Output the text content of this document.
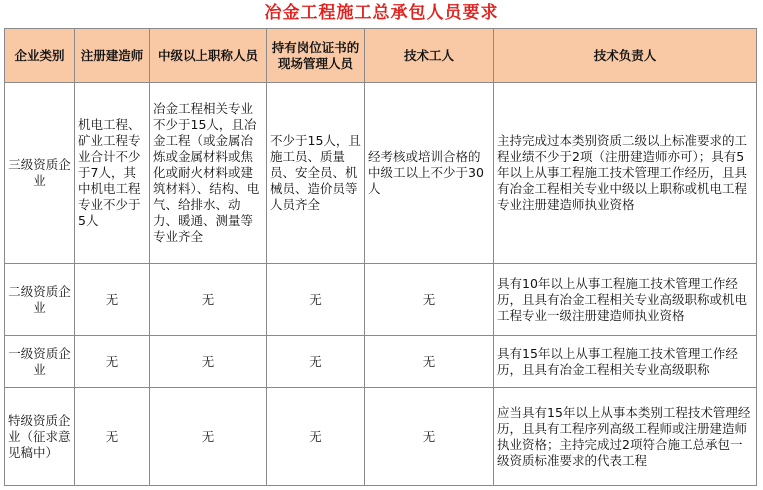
冶金工程施工总承包人员要求
企业类别	注册建造师	中级以上职称人员	持有岗位证书的现场管理人员	技术工人	技术负责人
三级资质企业	机电工程、矿业工程专业合计不少于7人，其中机电工程专业不少于5人	冶金工程相关专业不少于15人，且冶金工程（或金属冶炼或金属材料或焦化或耐火材料或建筑材料）、结构、电气、给排水、动力、暖通、测量等专业齐全	不少于15人，且施工员、质量员、安全员、机械员、造价员等人员齐全	经考核或培训合格的中级工以上不少于30人	主持完成过本类别资质二级以上标准要求的工程业绩不少于2项（注册建造师亦可）；具有5年以上从事工程施工技术管理工作经历，且具有冶金工程相关专业中级以上职称或机电工程专业注册建造师执业资格
二级资质企业	无	无	无	无	具有10年以上从事工程施工技术管理工作经历，且具有冶金工程相关专业高级职称或机电工程专业一级注册建造师执业资格
一级资质企业	无	无	无	无	具有15年以上从事工程施工技术管理工作经历，且具有冶金工程相关专业高级职称
特级资质企业（征求意见稿中）	无	无	无	无	应当具有15年以上从事本类别工程技术管理经历，且具有工程序列高级工程师或注册建造师执业资格；主持完成过2项符合施工总承包一级资质标准要求的代表工程
